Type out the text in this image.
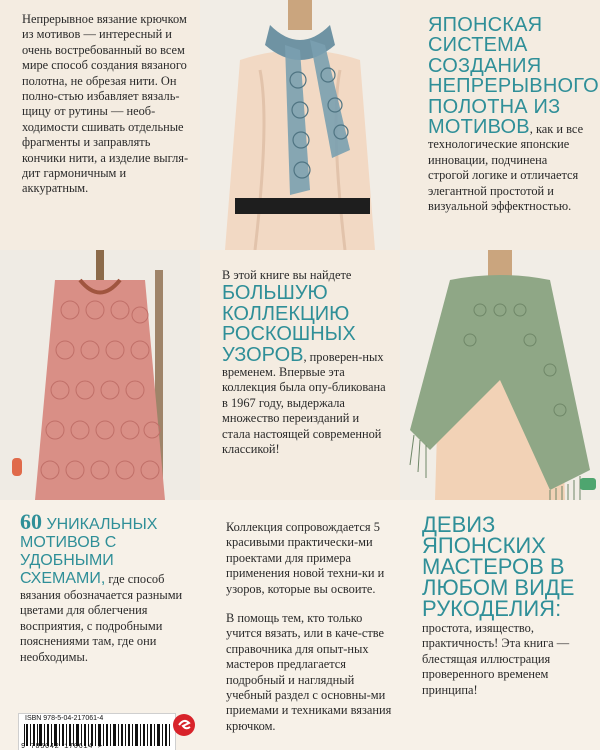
Непрерывное вязание крючком из мотивов — интересный и очень востребованный во всем мире способ создания вязаного полотна, не обрезая нити. Он полно-стью избавляет вязаль-щицу от рутины — необ-ходимости сшивать отдельные фрагменты и заправлять кончики нити, а изделие выгля-дит гармоничным и аккуратным.

ЯПОНСКАЯ СИСТЕМА СОЗДАНИЯ НЕПРЕРЫВНОГО ПОЛОТНА ИЗ МОТИВОВ, как и все технологические японские инновации, подчинена строгой логике и отличается элегантной простотой и визуальной эффектностью.

В этой книге вы найдете

БОЛЬШУЮ КОЛЛЕКЦИЮ РОСКОШНЫХ УЗОРОВ, проверен-ных временем. Впервые эта коллекция была опу-бликована в 1967 году, выдержала множество переизданий и стала настоящей современной классикой!
60 УНИКАЛЬНЫХ МОТИВОВ С УДОБНЫМИ СХЕМАМИ, где способ вязания обозначается разными цветами для облегчения восприятия, с подробными пояснениями там, где они необходимы.

Коллекция сопровождается 5 красивыми практически-ми проектами для примера применения новой техни-ки и узоров, которые вы освоите.

В помощь тем, кто только учится вязать, или в каче-стве справочника для опыт-ных мастеров предлагается подробный и наглядный учебный раздел с основны-ми приемами и техниками вязания крючком.

ДЕВИЗ ЯПОНСКИХ МАСТЕРОВ В ЛЮБОМ ВИДЕ РУКОДЕЛИЯ:

простота, изящество, практичность! Эта книга — блестящая иллюстрация проверенного временем принципа!

ISBN 978-5-04-217061-4
9 785042 170614 >
